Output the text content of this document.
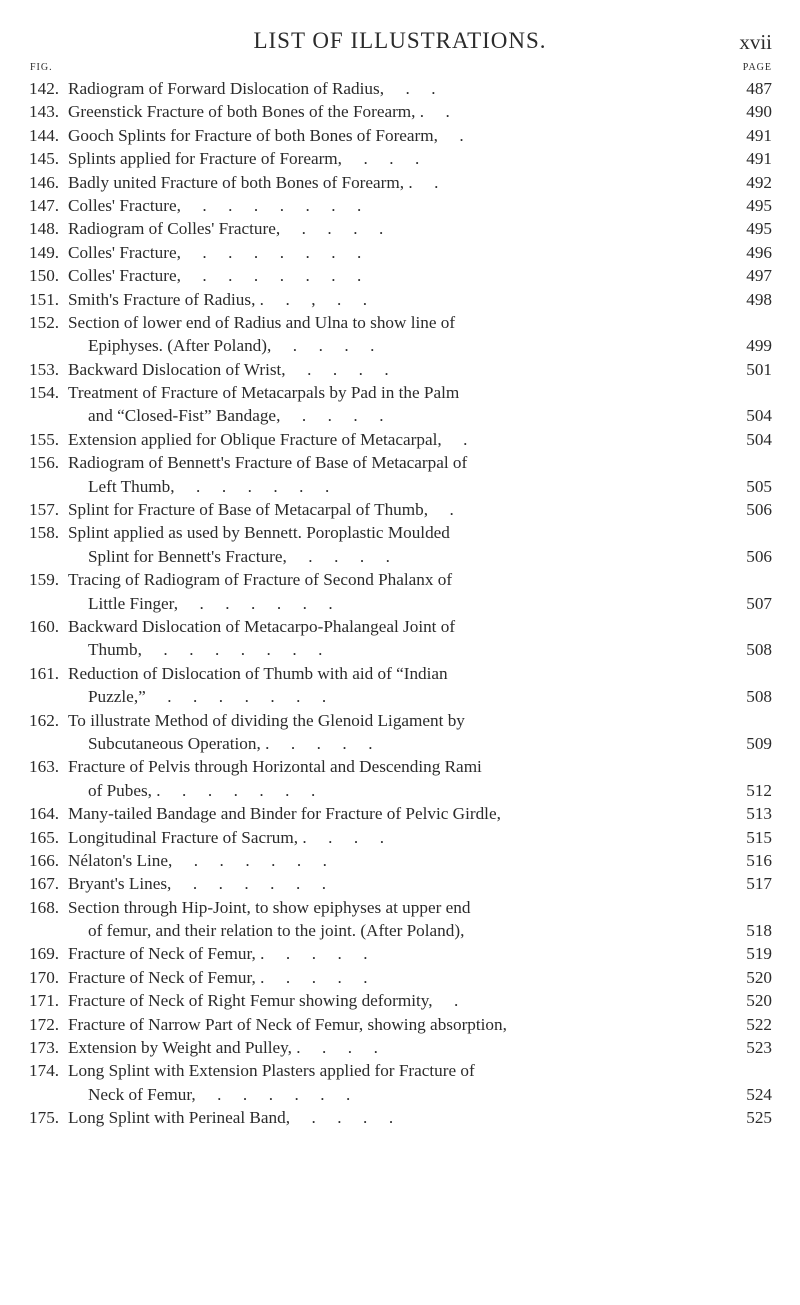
LIST OF ILLUSTRATIONS.	xvii
FIG.	PAGE
142. Radiogram of Forward Dislocation of Radius,     .     .	487
143. Greenstick Fracture of both Bones of the Forearm, .     .	490
144. Gooch Splints for Fracture of both Bones of Forearm,     .	491
145. Splints applied for Fracture of Forearm,     .     .     .	491
146. Badly united Fracture of both Bones of Forearm, .     .	492
147. Colles' Fracture,     .     .     .     .     .     .     .	495
148. Radiogram of Colles' Fracture,     .     .     .     .	495
149. Colles' Fracture,     .     .     .     .     .     .     .	496
150. Colles' Fracture,     .     .     .     .     .     .     .	497
151. Smith's Fracture of Radius, .     .     ,     .     .	498
152. Section of lower end of Radius and Ulna to show line of
Epiphyses. (After Poland),     .     .     .     .	499
153. Backward Dislocation of Wrist,     .     .     .     .	501
154. Treatment of Fracture of Metacarpals by Pad in the Palm
and “Closed-Fist” Bandage,     .     .     .     .	504
155. Extension applied for Oblique Fracture of Metacarpal,     .	504
156. Radiogram of Bennett's Fracture of Base of Metacarpal of
Left Thumb,     .     .     .     .     .     .	505
157. Splint for Fracture of Base of Metacarpal of Thumb,     .	506
158. Splint applied as used by Bennett. Poroplastic Moulded
Splint for Bennett's Fracture,     .     .     .     .	506
159. Tracing of Radiogram of Fracture of Second Phalanx of
Little Finger,     .     .     .     .     .     .	507
160. Backward Dislocation of Metacarpo-Phalangeal Joint of
Thumb,     .     .     .     .     .     .     .	508
161. Reduction of Dislocation of Thumb with aid of “Indian
Puzzle,”     .     .     .     .     .     .     .	508
162. To illustrate Method of dividing the Glenoid Ligament by
Subcutaneous Operation, .     .     .     .     .	509
163. Fracture of Pelvis through Horizontal and Descending Rami
of Pubes, .     .     .     .     .     .     .	512
164. Many-tailed Bandage and Binder for Fracture of Pelvic Girdle,	513
165. Longitudinal Fracture of Sacrum, .     .     .     .	515
166. Nélaton's Line,     .     .     .     .     .     .	516
167. Bryant's Lines,     .     .     .     .     .     .	517
168. Section through Hip-Joint, to show epiphyses at upper end
of femur, and their relation to the joint. (After Poland),	518
169. Fracture of Neck of Femur, .     .     .     .     .	519
170. Fracture of Neck of Femur, .     .     .     .     .	520
171. Fracture of Neck of Right Femur showing deformity,     .	520
172. Fracture of Narrow Part of Neck of Femur, showing absorption,	522
173. Extension by Weight and Pulley, .     .     .     .	523
174. Long Splint with Extension Plasters applied for Fracture of
Neck of Femur,     .     .     .     .     .     .	524
175. Long Splint with Perineal Band,     .     .     .     .	525
